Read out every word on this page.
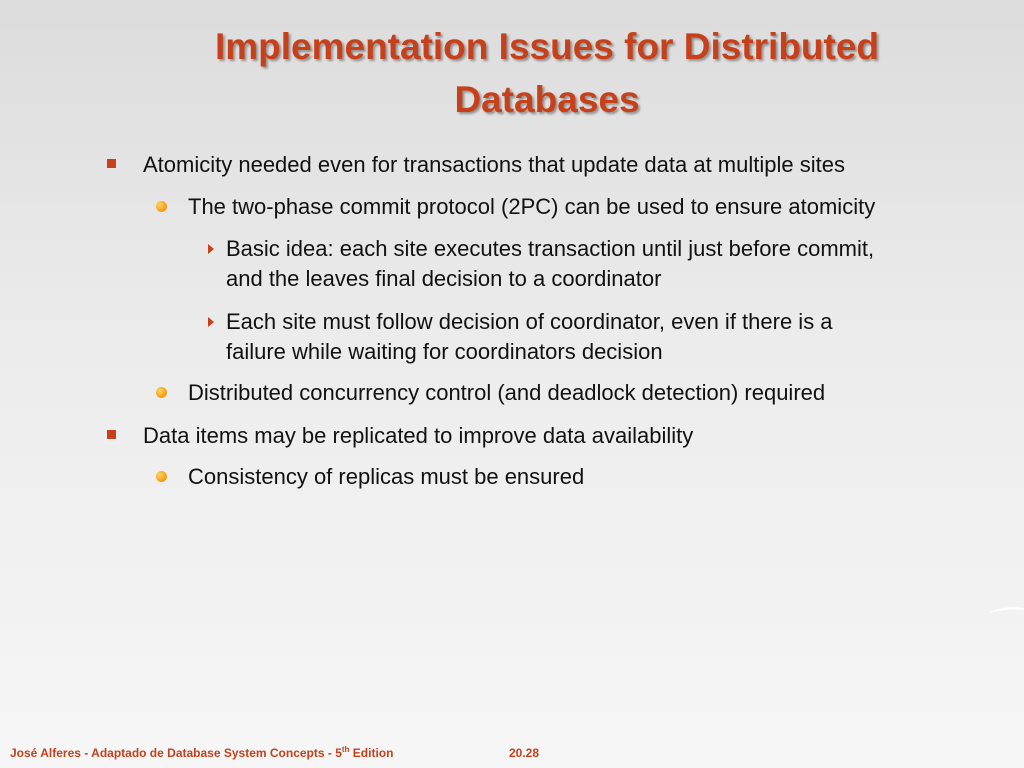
Implementation Issues for Distributed
Databases
Atomicity needed even for transactions that update data at multiple sites
The two-phase commit protocol (2PC) can be used to ensure atomicity
Basic idea: each site executes transaction until just before commit,
and the leaves final decision to a coordinator
Each site must follow decision of coordinator, even if there is a
failure while waiting for coordinators decision
Distributed concurrency control (and deadlock detection) required
Data items may be replicated to improve data availability
Consistency of replicas must be ensured
José Alferes - Adaptado de Database System Concepts - 5th Edition	20.28
